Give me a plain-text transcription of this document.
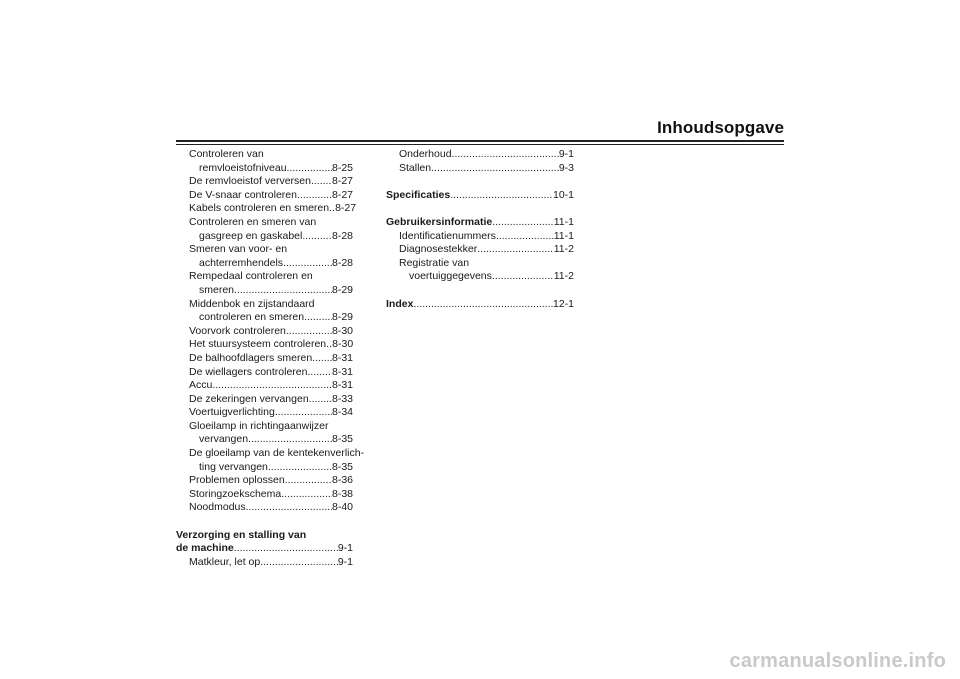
Inhoudsopgave
Controleren van
remvloeistofniveau .....	8-25
De remvloeistof verversen ..... 8-27
De V-snaar controleren .....	8-27
Kabels controleren en smeren ..... 8-27
Controleren en smeren van
gasgreep en gaskabel .....	8-28
Smeren van voor- en
achterremhendels .....	8-28
Rempedaal controleren en
smeren .....	8-29
Middenbok en zijstandaard
controleren en smeren .....	8-29
Voorvork controleren .....	8-30
Het stuursysteem controleren ..... 8-30
De balhoofdlagers smeren ..... 8-31
De wiellagers controleren ..... 8-31
Accu .....	8-31
De zekeringen vervangen ..... 8-33
Voertuigverlichting .....	8-34
Gloeilamp in richtingaanwijzer
vervangen .....	8-35
De gloeilamp van de kentekenverlich-
ting vervangen .....	8-35
Problemen oplossen .....	8-36
Storingzoekschema .....	8-38
Noodmodus .....	8-40
Verzorging en stalling van
de machine .....	9-1
Matkleur, let op .....	9-1
Onderhoud .....	9-1
Stallen .....	9-3
Specificaties .....	10-1
Gebruikersinformatie .....	11-1
Identificatienummers .....	11-1
Diagnosestekker .....	11-2
Registratie van
voertuiggegevens .....	11-2
Index .....	12-1
carmanualsonline.info
